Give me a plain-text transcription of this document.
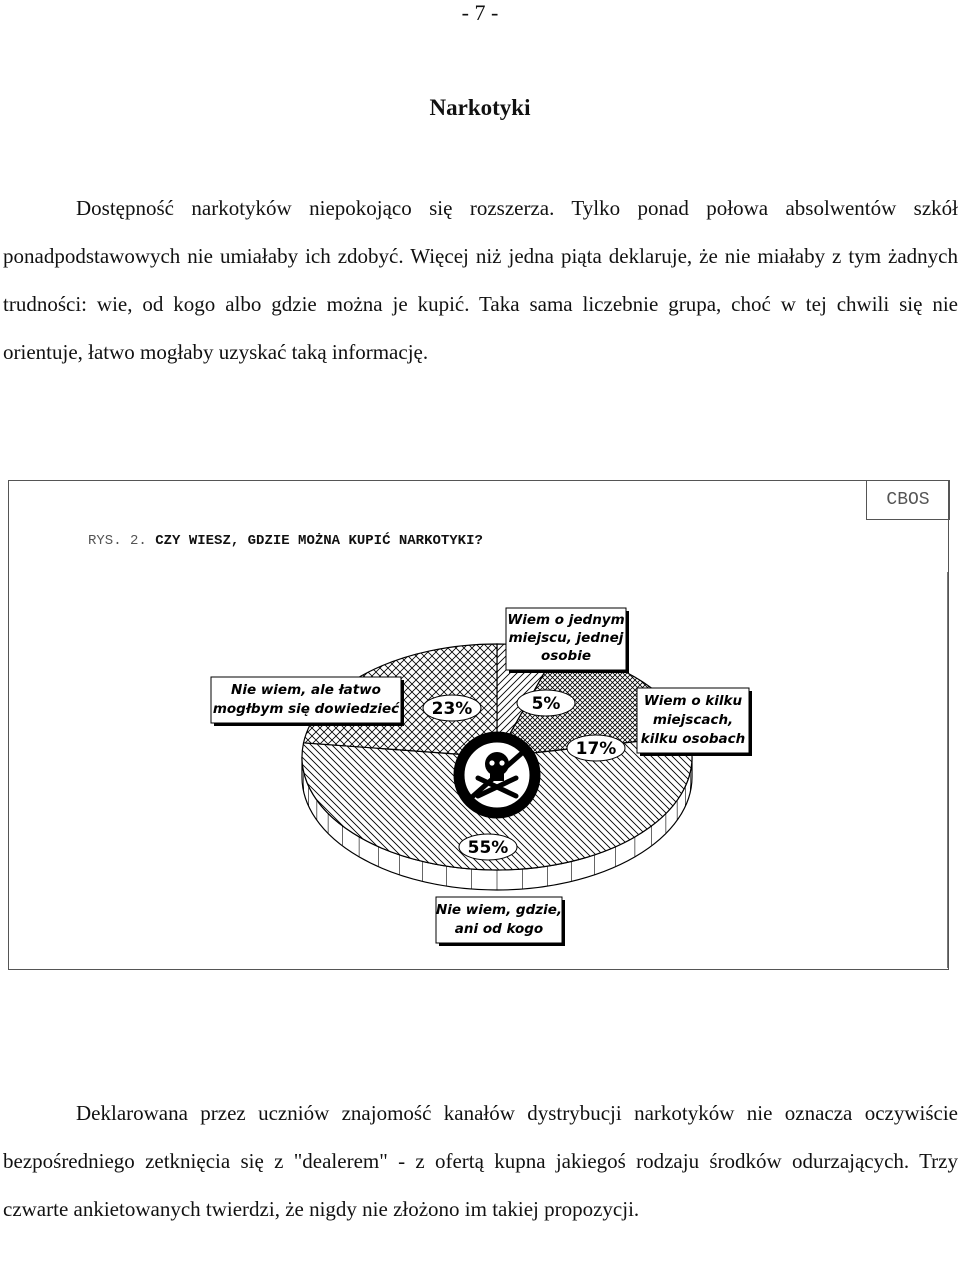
- 7 -
Narkotyki

Dostępność narkotyków niepokojąco się rozszerza. Tylko ponad połowa absolwentów szkół ponadpodstawowych nie umiałaby ich zdobyć. Więcej niż jedna piąta deklaruje, że nie miałaby z tym żadnych trudności: wie, od kogo albo gdzie można je kupić. Taka sama liczebnie grupa, choć w tej chwili się nie orientuje, łatwo mogłaby uzyskać taką informację.

CBOS
RYS. 2. CZY WIESZ, GDZIE MOŻNA KUPIĆ NARKOTYKI?
5%
Wiem o jednym miejscu, jednej osobie
17%
Wiem o kilku miejscach, kilku osobach
55%
Nie wiem, gdzie, ani od kogo
23%
Nie wiem, ale łatwo mogłbym się dowiedzieć

Deklarowana przez uczniów znajomość kanałów dystrybucji narkotyków nie oznacza oczywiście bezpośredniego zetknięcia się z "dealerem" - z ofertą kupna jakiegoś rodzaju środków odurzających. Trzy czwarte ankietowanych twierdzi, że nigdy nie złożono im takiej propozycji.
